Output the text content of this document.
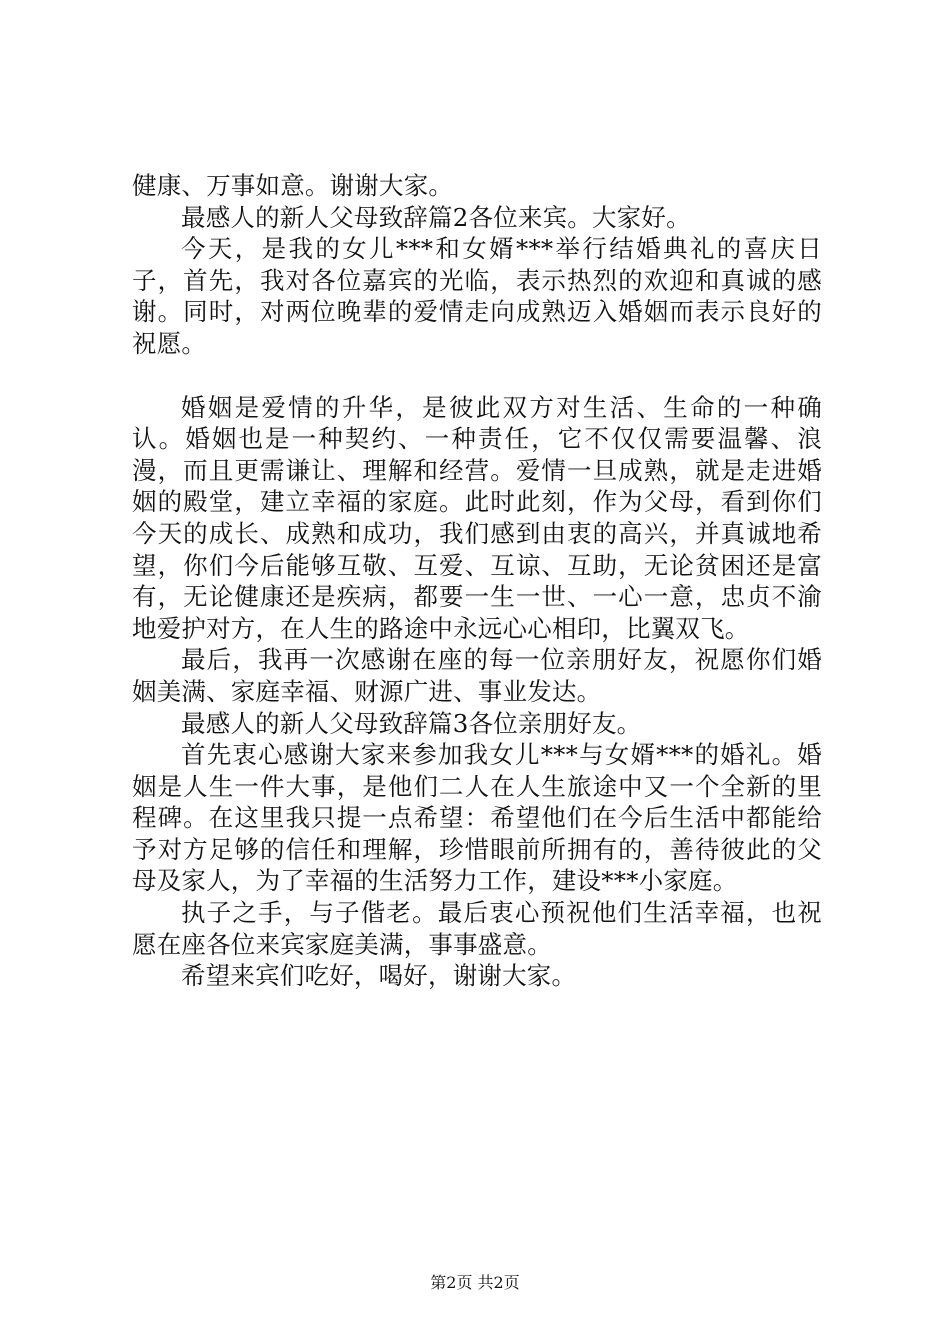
健康、万事如意。谢谢大家。

最感人的新人父母致辞篇2各位来宾。大家好。

今天，是我的女儿***和女婿***举行结婚典礼的喜庆日子，首先，我对各位嘉宾的光临，表示热烈的欢迎和真诚的感谢。同时，对两位晚辈的爱情走向成熟迈入婚姻而表示良好的祝愿。

婚姻是爱情的升华，是彼此双方对生活、生命的一种确认。婚姻也是一种契约、一种责任，它不仅仅需要温馨、浪漫，而且更需谦让、理解和经营。爱情一旦成熟，就是走进婚姻的殿堂，建立幸福的家庭。此时此刻，作为父母，看到你们今天的成长、成熟和成功，我们感到由衷的高兴，并真诚地希望，你们今后能够互敬、互爱、互谅、互助，无论贫困还是富有，无论健康还是疾病，都要一生一世、一心一意，忠贞不渝地爱护对方，在人生的路途中永远心心相印，比翼双飞。

最后，我再一次感谢在座的每一位亲朋好友，祝愿你们婚姻美满、家庭幸福、财源广进、事业发达。

最感人的新人父母致辞篇3各位亲朋好友。

首先衷心感谢大家来参加我女儿***与女婿***的婚礼。婚姻是人生一件大事，是他们二人在人生旅途中又一个全新的里程碑。在这里我只提一点希望：希望他们在今后生活中都能给予对方足够的信任和理解，珍惜眼前所拥有的，善待彼此的父母及家人，为了幸福的生活努力工作，建设***小家庭。

执子之手，与子偕老。最后衷心预祝他们生活幸福，也祝愿在座各位来宾家庭美满，事事盛意。

希望来宾们吃好，喝好，谢谢大家。

第2页 共2页
